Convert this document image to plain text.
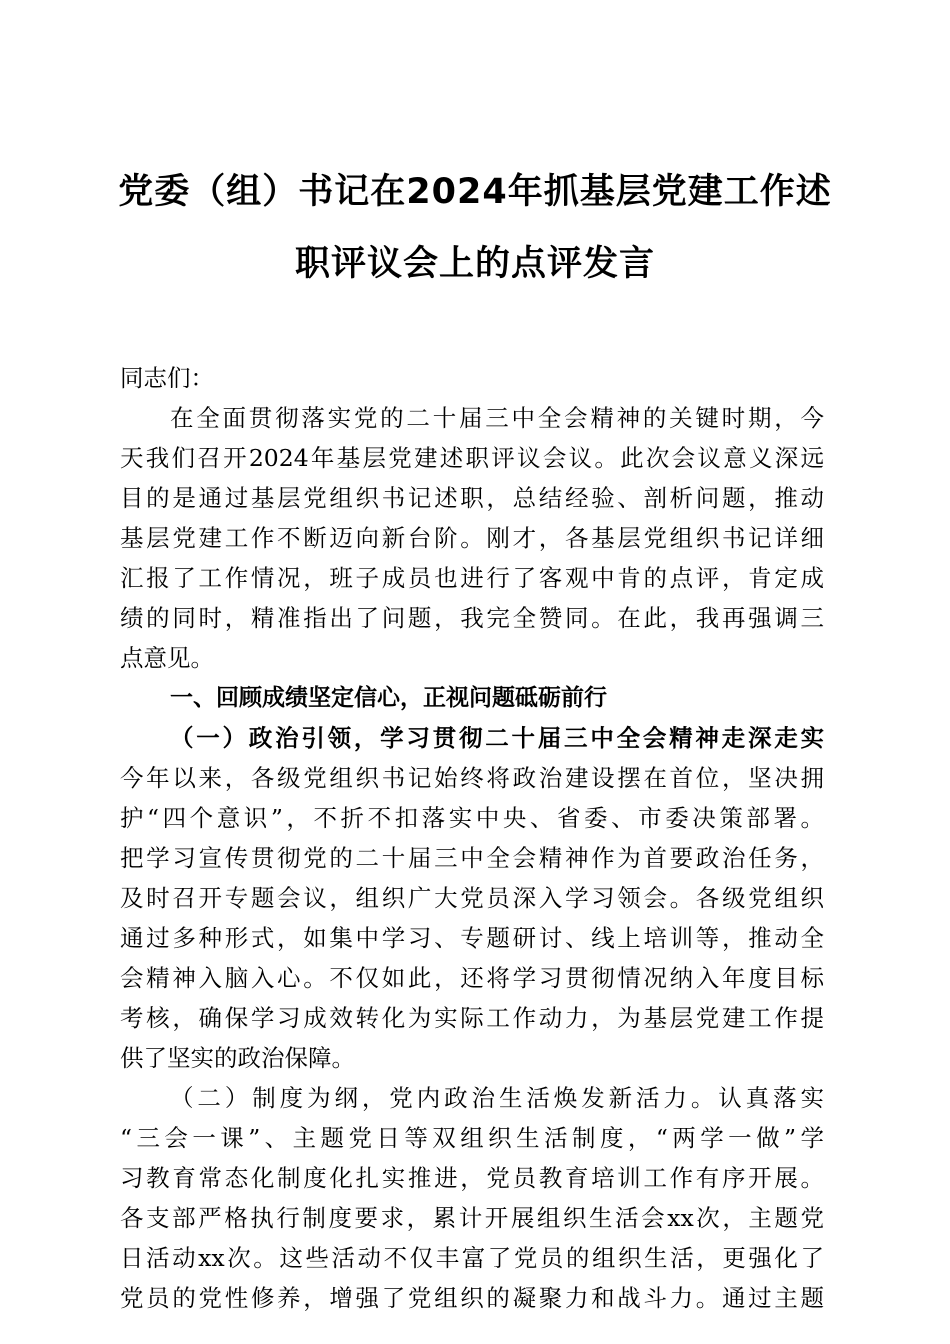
党委（组）书记在2024年抓基层党建工作述
职评议会上的点评发言
同志们：
在全面贯彻落实党的二十届三中全会精神的关键时期，今
天我们召开2024年基层党建述职评议会议。此次会议意义深远
目的是通过基层党组织书记述职，总结经验、剖析问题，推动
基层党建工作不断迈向新台阶。刚才，各基层党组织书记详细
汇报了工作情况，班子成员也进行了客观中肯的点评，肯定成
绩的同时，精准指出了问题，我完全赞同。在此，我再强调三
点意见。
一、回顾成绩坚定信心，正视问题砥砺前行
（一）政治引领，学习贯彻二十届三中全会精神走深走实
今年以来，各级党组织书记始终将政治建设摆在首位，坚决拥
护“四个意识”，不折不扣落实中央、省委、市委决策部署。
把学习宣传贯彻党的二十届三中全会精神作为首要政治任务，
及时召开专题会议，组织广大党员深入学习领会。各级党组织
通过多种形式，如集中学习、专题研讨、线上培训等，推动全
会精神入脑入心。不仅如此，还将学习贯彻情况纳入年度目标
考核，确保学习成效转化为实际工作动力，为基层党建工作提
供了坚实的政治保障。
（二）制度为纲，党内政治生活焕发新活力。认真落实
“三会一课”、主题党日等双组织生活制度，“两学一做”学
习教育常态化制度化扎实推进，党员教育培训工作有序开展。
各支部严格执行制度要求，累计开展组织生活会xx次，主题党
日活动xx次。这些活动不仅丰富了党员的组织生活，更强化了
党员的党性修养，增强了党组织的凝聚力和战斗力。通过主题
